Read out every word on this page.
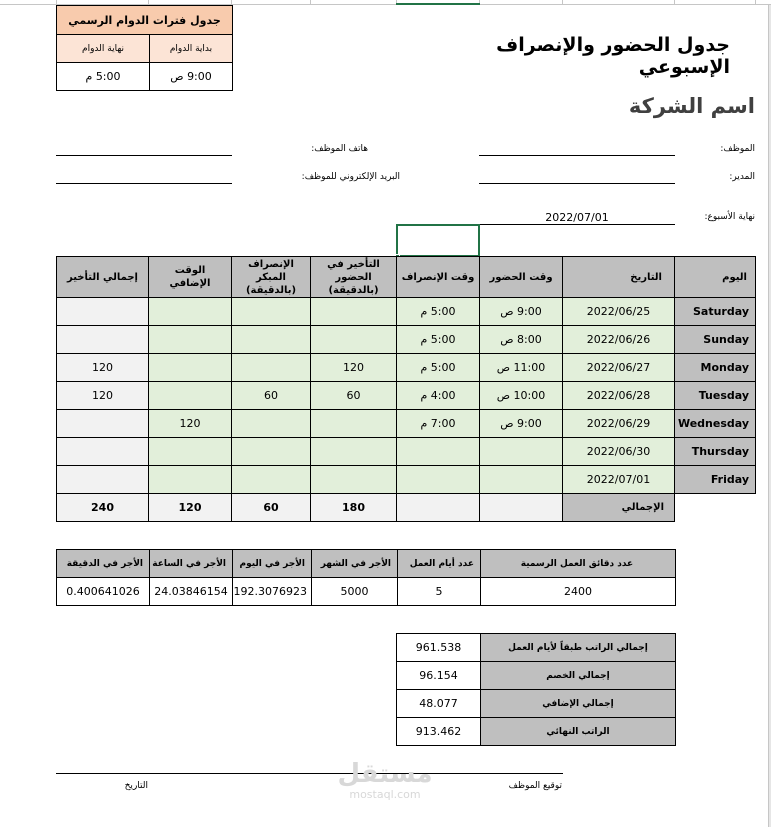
جدول فترات الدوام الرسمي	
بداية الدوام	نهاية الدوام
9:00 ص	5:00 م
جدول الحضور والإنصراف الإسبوعي
اسم الشركة
الموظف:
المدير:
نهاية الأسبوع:
2022/07/01
هاتف الموظف:
البريد الإلكتروني للموظف:
اليوم	التاريخ	وقت الحضور	وقت الإنصراف	التأخير في الحضور (بالدقيقة)	الإنصراف المبكر (بالدقيقة)	الوقت الإضافي	إجمالي التأخير
Saturday	2022/06/25	9:00 ص	5:00 م				
Sunday	2022/06/26	8:00 ص	5:00 م				
Monday	2022/06/27	11:00 ص	5:00 م	120			120
Tuesday	2022/06/28	10:00 ص	4:00 م	60	60		120
Wednesday	2022/06/29	9:00 ص	7:00 م			120	
Thursday	2022/06/30						
Friday	2022/07/01						
	الإجمالي			180	60	120	240
عدد دقائق العمل الرسمية	عدد أيام العمل	الأجر في الشهر	الأجر في اليوم	الأجر في الساعة	الأجر في الدقيقة
2400	5	5000	192.3076923	24.03846154	0.400641026
إجمالي الراتب طبقاً لأيام العمل	961.538
إجمالي الخصم	96.154
إجمالي الإضافي	48.077
الراتب النهائي	913.462
توقيع الموظف
التاريخ	مستقل
mostaql.com
